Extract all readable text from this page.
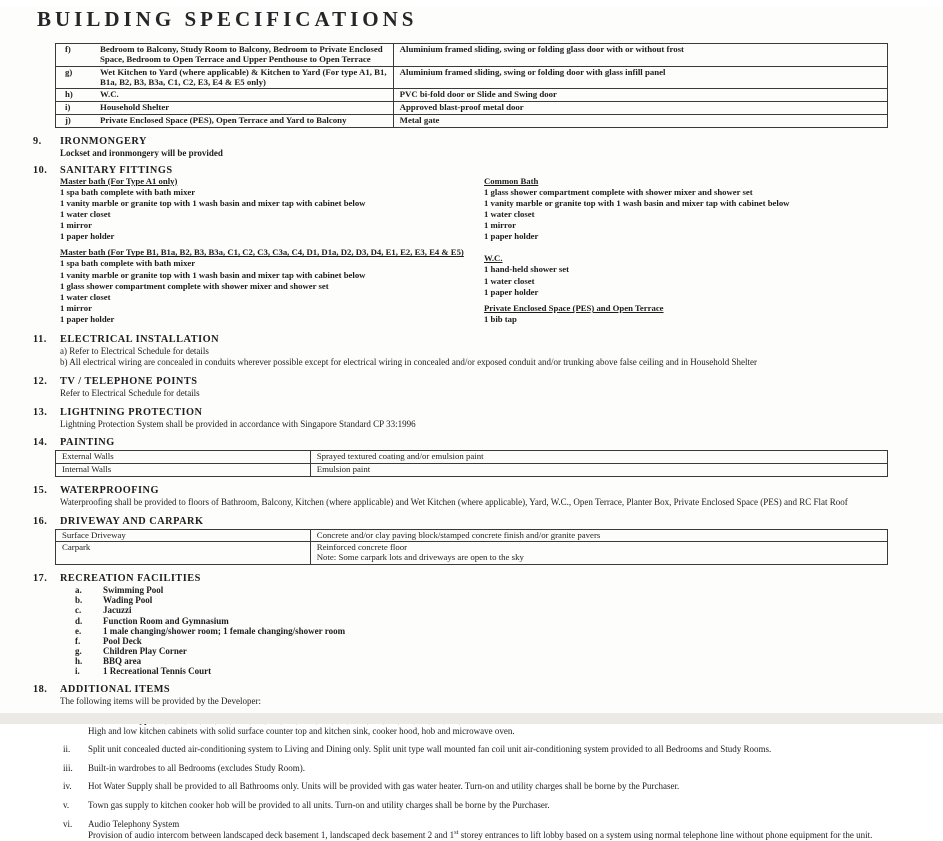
BUILDING SPECIFICATIONS
f) Bedroom to Balcony, Study Room to Balcony, Bedroom to Private Enclosed Space, Bedroom to Open Terrace and Upper Penthouse to Open Terrace	Aluminium framed sliding, swing or folding glass door with or without frost

g) Wet Kitchen to Yard (where applicable) & Kitchen to Yard (For type A1, B1, B1a, B2, B3, B3a, C1, C2, E3, E4 & E5 only)	Aluminium framed sliding, swing or folding door with glass infill panel

h) W.C.	PVC bi-fold door or Slide and Swing door

i) Household Shelter	Approved blast-proof metal door

j) Private Enclosed Space (PES), Open Terrace and Yard to Balcony	Metal gate
9.	IRONMONGERY
Lockset and ironmongery will be provided
10.	SANITARY FITTINGS
Master bath (For Type A1 only)
1 spa bath complete with bath mixer
1 vanity marble or granite top with 1 wash basin and mixer tap with cabinet below
1 water closet
1 mirror
1 paper holder
Master bath (For Type B1, B1a, B2, B3, B3a, C1, C2, C3, C3a, C4, D1, D1a, D2, D3, D4, E1, E2, E3, E4 & E5)
1 spa bath complete with bath mixer
1 vanity marble or granite top with 1 wash basin and mixer tap with cabinet below
1 glass shower compartment complete with shower mixer and shower set
1 water closet
1 mirror
1 paper holder
Common Bath
1 glass shower compartment complete with shower mixer and shower set
1 vanity marble or granite top with 1 wash basin and mixer tap with cabinet below
1 water closet
1 mirror
1 paper holder
W.C.
1 hand-held shower set
1 water closet
1 paper holder
Private Enclosed Space (PES) and Open Terrace
1 bib tap
11.	ELECTRICAL INSTALLATION
a) Refer to Electrical Schedule for details
b) All electrical wiring are concealed in conduits wherever possible except for electrical wiring in concealed and/or exposed conduit and/or trunking above false ceiling and in Household Shelter
12.	TV / TELEPHONE POINTS
Refer to Electrical Schedule for details
13.	LIGHTNING PROTECTION
Lightning Protection System shall be provided in accordance with Singapore Standard CP 33:1996
14.	PAINTING
External Walls	Sprayed textured coating and/or emulsion paint
Internal Walls	Emulsion paint
15.	WATERPROOFING
Waterproofing shall be provided to floors of Bathroom, Balcony, Kitchen (where applicable) and Wet Kitchen (where applicable), Yard, W.C., Open Terrace, Planter Box, Private Enclosed Space (PES) and RC Flat Roof
16.	DRIVEWAY AND CARPARK
Surface Driveway	Concrete and/or clay paving block/stamped concrete finish and/or granite pavers
Carpark	Reinforced concrete floor
Note: Some carpark lots and driveways are open to the sky
17.	RECREATION FACILITIES
a.	Swimming Pool
b.	Wading Pool
c.	Jacuzzi
d.	Function Room and Gymnasium
e.	1 male changing/shower room; 1 female changing/shower room
f.	Pool Deck
g.	Children Play Corner
h.	BBQ area
i.	1 Recreational Tennis Court
18.	ADDITIONAL ITEMS
The following items will be provided by the Developer:
High and low kitchen cabinets with solid surface counter top and kitchen sink, cooker hood, hob and microwave oven.
ii.	Split unit concealed ducted air-conditioning system to Living and Dining only. Split unit type wall mounted fan coil unit air-conditioning system provided to all Bedrooms and Study Rooms.
iii.	Built-in wardrobes to all Bedrooms (excludes Study Room).
iv.	Hot Water Supply shall be provided to all Bathrooms only. Units will be provided with gas water heater. Turn-on and utility charges shall be borne by the Purchaser.
v.	Town gas supply to kitchen cooker hob will be provided to all units. Turn-on and utility charges shall be borne by the Purchaser.
vi.	Audio Telephony System
Provision of audio intercom between landscaped deck basement 1, landscaped deck basement 2 and 1st storey entrances to lift lobby based on a system using normal telephone line without phone equipment for the unit.
